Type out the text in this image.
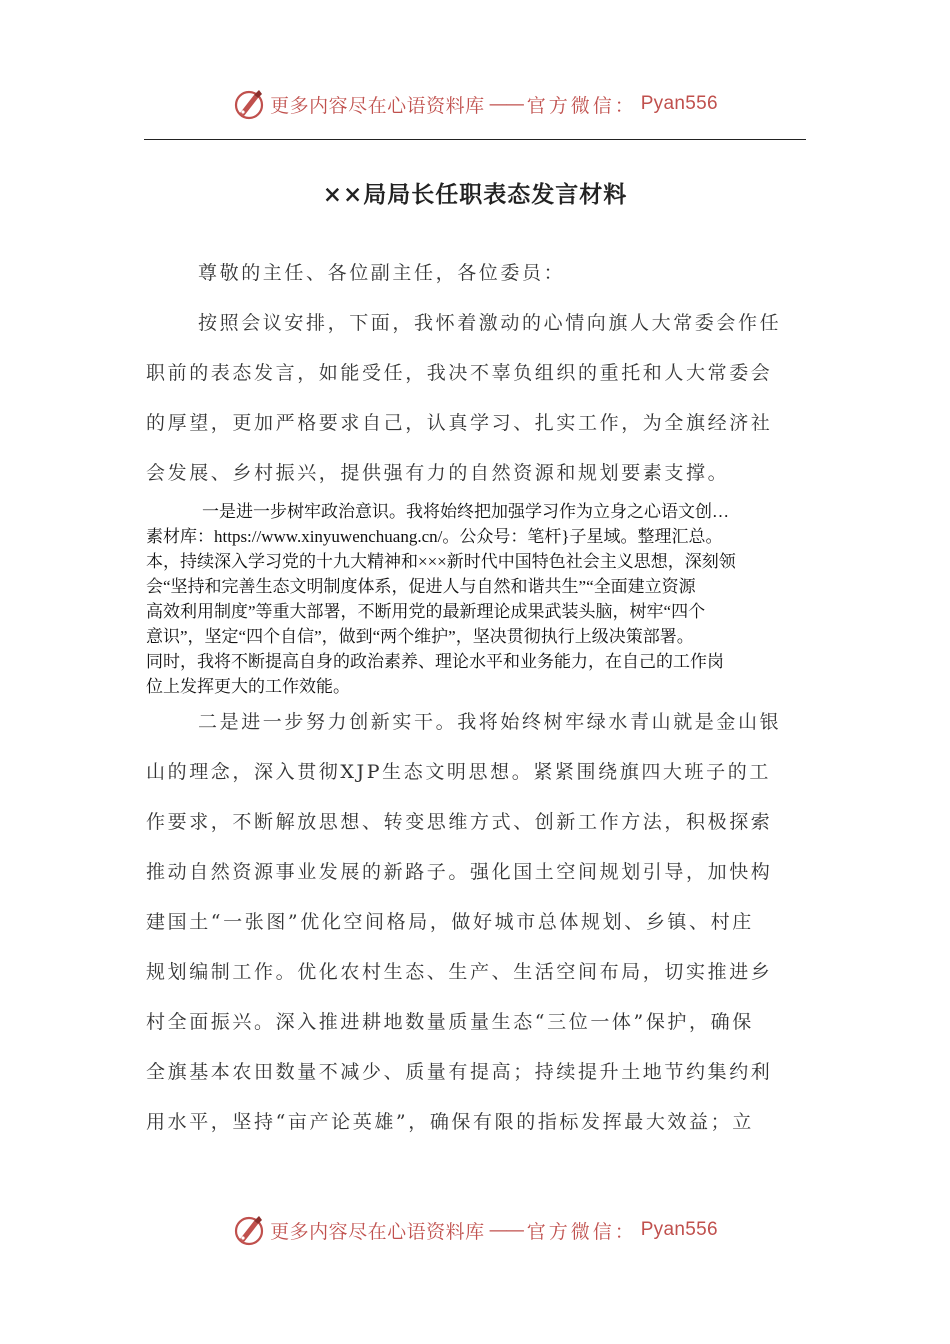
更多内容尽在心语资料库 —— 官方微信： Pyan556
××局局长任职表态发言材料
尊敬的主任、各位副主任，各位委员：
按照会议安排，下面，我怀着激动的心情向旗人大常委会作任
职前的表态发言，如能受任，我决不辜负组织的重托和人大常委会
的厚望，更加严格要求自己，认真学习、扎实工作，为全旗经济社
会发展、乡村振兴，提供强有力的自然资源和规划要素支撑。
一是进一步树牢政治意识。我将始终把加强学习作为立身之心语文创…
素材库：https://www.xinyuwenchuang.cn/。公众号：笔杆}子星域。整理汇总。
本，持续深入学习党的十九大精神和×××新时代中国特色社会主义思想，深刻领
会“坚持和完善生态文明制度体系，促进人与自然和谐共生”“全面建立资源
高效利用制度”等重大部署，不断用党的最新理论成果武装头脑，树牢“四个
意识”，坚定“四个自信”，做到“两个维护”，坚决贯彻执行上级决策部署。
同时，我将不断提高自身的政治素养、理论水平和业务能力，在自己的工作岗
位上发挥更大的工作效能。
二是进一步努力创新实干。我将始终树牢绿水青山就是金山银
山的理念，深入贯彻XJP生态文明思想。紧紧围绕旗四大班子的工
作要求，不断解放思想、转变思维方式、创新工作方法，积极探索
推动自然资源事业发展的新路子。强化国土空间规划引导，加快构
建国土“一张图”优化空间格局，做好城市总体规划、乡镇、村庄
规划编制工作。优化农村生态、生产、生活空间布局，切实推进乡
村全面振兴。深入推进耕地数量质量生态“三位一体”保护，确保
全旗基本农田数量不减少、质量有提高；持续提升土地节约集约利
用水平，坚持“亩产论英雄”，确保有限的指标发挥最大效益；立
更多内容尽在心语资料库 —— 官方微信： Pyan556
